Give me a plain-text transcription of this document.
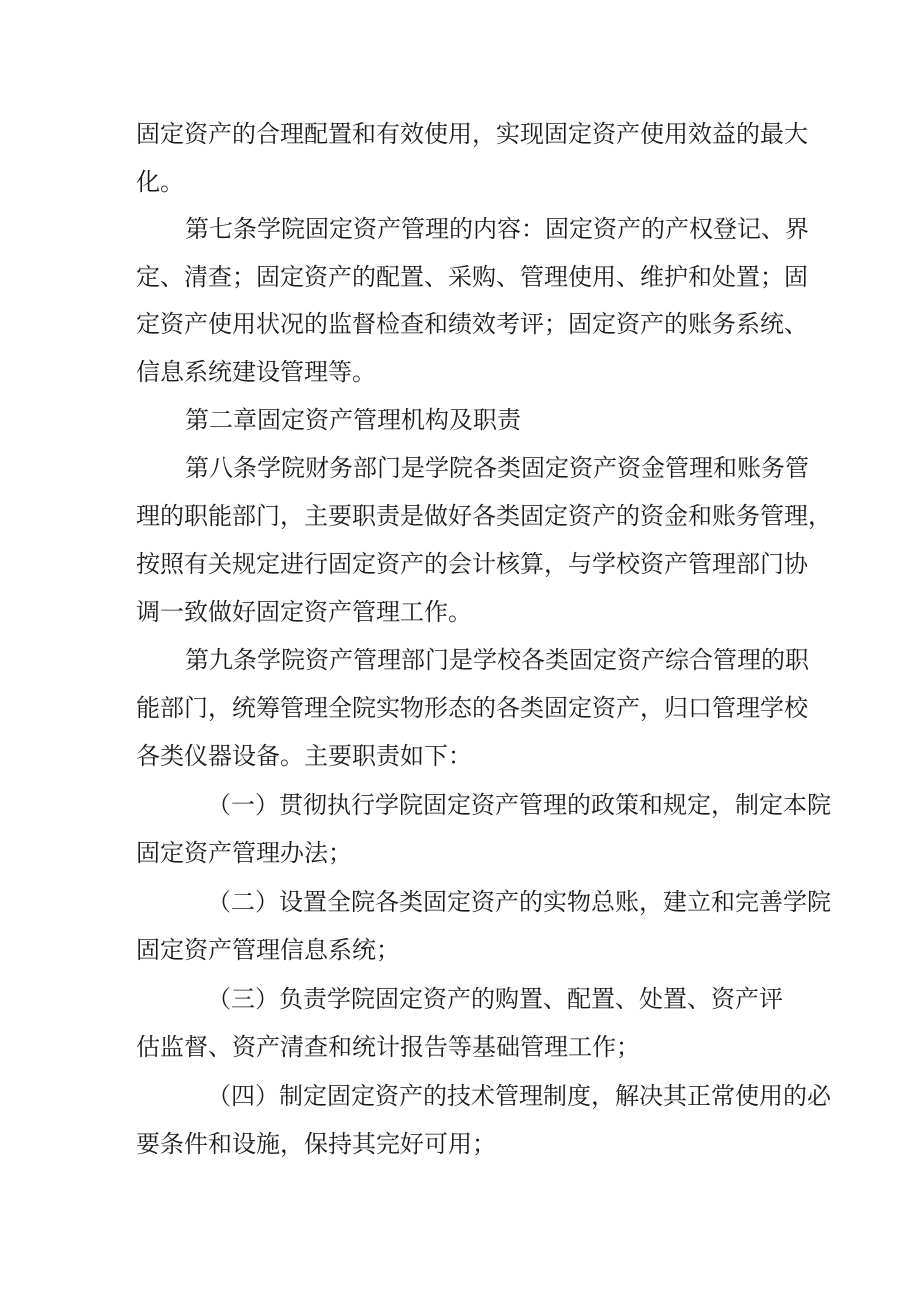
固定资产的合理配置和有效使用，实现固定资产使用效益的最大
化。
第七条学院固定资产管理的内容：固定资产的产权登记、界
定、清查；固定资产的配置、采购、管理使用、维护和处置；固
定资产使用状况的监督检查和绩效考评；固定资产的账务系统、
信息系统建设管理等。
第二章固定资产管理机构及职责
第八条学院财务部门是学院各类固定资产资金管理和账务管
理的职能部门，主要职责是做好各类固定资产的资金和账务管理，
按照有关规定进行固定资产的会计核算，与学校资产管理部门协
调一致做好固定资产管理工作。
第九条学院资产管理部门是学校各类固定资产综合管理的职
能部门，统筹管理全院实物形态的各类固定资产，归口管理学校
各类仪器设备。主要职责如下：
（一）贯彻执行学院固定资产管理的政策和规定，制定本院
固定资产管理办法；
（二）设置全院各类固定资产的实物总账，建立和完善学院
固定资产管理信息系统；
（三）负责学院固定资产的购置、配置、处置、资产评
估监督、资产清查和统计报告等基础管理工作；
（四）制定固定资产的技术管理制度，解决其正常使用的必
要条件和设施，保持其完好可用；
